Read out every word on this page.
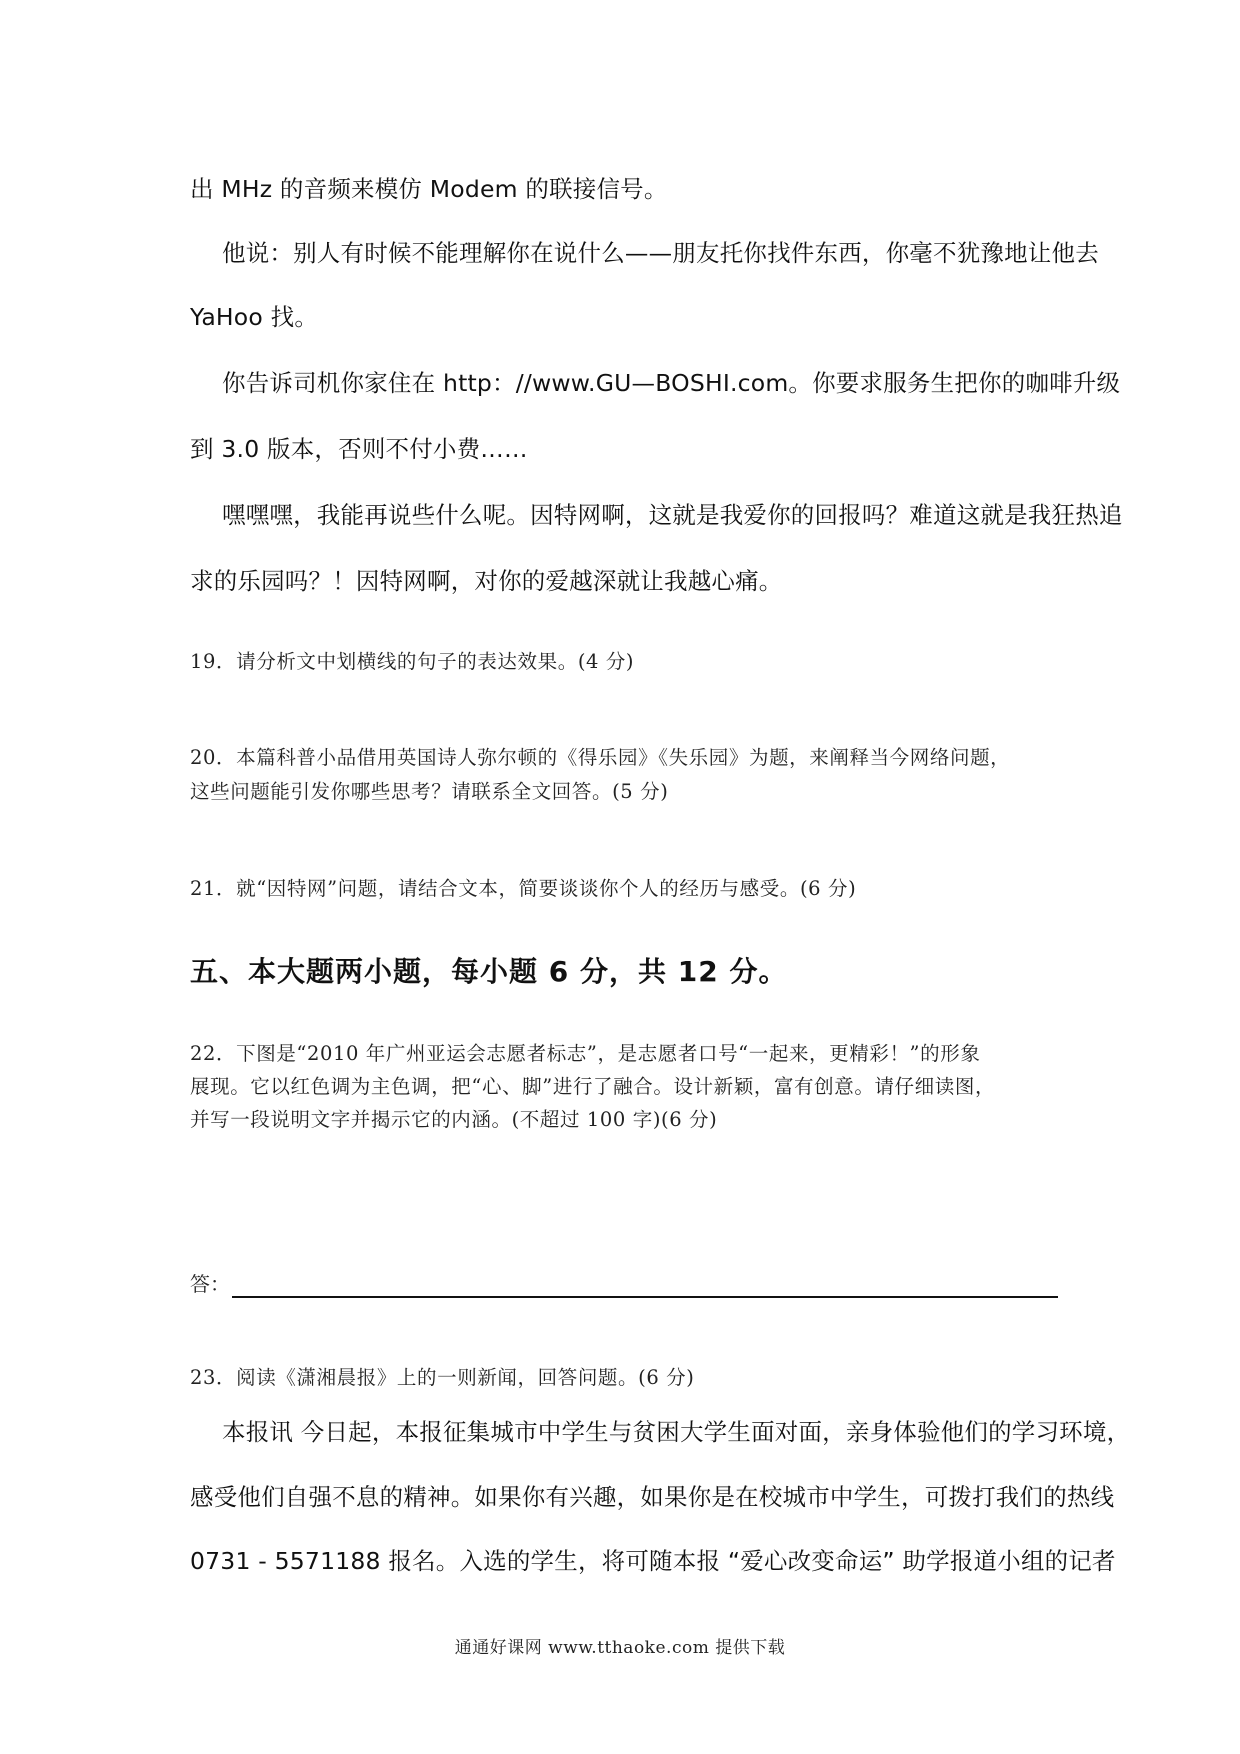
出 MHz 的音频来模仿 Modem 的联接信号。
他说：别人有时候不能理解你在说什么——朋友托你找件东西，你毫不犹豫地让他去
YaHoo 找。
你告诉司机你家住在 http：//www.GU—BOSHI.com。你要求服务生把你的咖啡升级
到 3.0 版本，否则不付小费……
嘿嘿嘿，我能再说些什么呢。因特网啊，这就是我爱你的回报吗？难道这就是我狂热追
求的乐园吗？！因特网啊，对你的爱越深就让我越心痛。
19．请分析文中划横线的句子的表达效果。(4 分)
20．本篇科普小品借用英国诗人弥尔顿的《得乐园》《失乐园》为题，来阐释当今网络问题，
这些问题能引发你哪些思考？请联系全文回答。(5 分)
21．就“因特网”问题，请结合文本，简要谈谈你个人的经历与感受。(6 分)
五、本大题两小题，每小题 6 分，共 12 分。
22．下图是“2010 年广州亚运会志愿者标志”，是志愿者口号“一起来，更精彩！”的形象
展现。它以红色调为主色调，把“心、脚”进行了融合。设计新颖，富有创意。请仔细读图，
并写一段说明文字并揭示它的内涵。(不超过 100 字)(6 分)
答：
23．阅读《潇湘晨报》上的一则新闻，回答问题。(6 分)
本报讯 今日起，本报征集城市中学生与贫困大学生面对面，亲身体验他们的学习环境，
感受他们自强不息的精神。如果你有兴趣，如果你是在校城市中学生，可拨打我们的热线
0731 - 5571188 报名。入选的学生，将可随本报 “爱心改变命运” 助学报道小组的记者
通通好课网 www.tthaoke.com 提供下载
